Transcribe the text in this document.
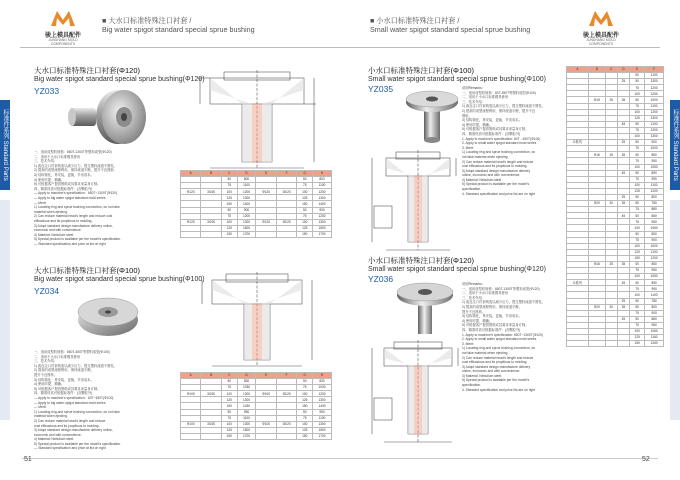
骏上模具配件
JUNSHANG MOLD COMPONENTS
■ 大水口标准特殊注口衬套 /
Big water spigot standard special sprue bushing
标准件系列 Standard Parts
大水口标准特殊注口衬套(Φ120)
Big water spigot standard special sprue bushing(Φ120)
YZ033
一、适用成型机规格：650T-1300T等塑料成型(Φ120)
二、适用于大水口标准模具使用
三、技术介绍：
1) 改良注口衬套构造以减少压力，提交塑料流道不圆性。
2) 提高的成型流程利用，保持流道平衡，提升不良图析。
3) 结构简化，易安装，更换，节省成本。
4) 使用时提，精确。
5) 可根据客户提供图纸或其要求来量身订制。
四、精准材质可根据标准件：(各颗粒外)
— Apply to machine's specification：650T~1300T(Φ120)
— Apply to big water spigot standard mold series
— Merit:
1) Locating ring and sprue bushing connection, do not take
material when ejecting.
2) Can reduce material head's length and reduce cost
efficacious and its propitious to molding.
3) Adopt standard design manufacture delivery online,
economic and with convenience.
4) Material: Nebulium steel.
5) Special product is available per the model's specification.
— Standard specification and price at list on right
A	B	C	D	E	F	G	H
		50	800			50	800
		75	1100			75	1100
Φ120	30/20	100	1200	Φ120	30/20	100	1200
		125	1300			125	1300
		150	1400			150	1400
		50	900			50	900
		75	1200			75	1200
Φ120	30/20	100	1300	Φ120	30/20	100	1300
		125	1500			125	1500
		150	1700			150	1700
大水口标准特殊注口衬套(Φ100)
Big water spigot standard special sprue bushing(Φ100)
YZ034
一、适用成型机规格：650T-450T等塑料成型(Φ100)
二、适用于大水口标准模具使用
三、技术介绍：
1) 改良注口衬套构造以减少压力，提交塑料流道不圆性。
2) 提高的成型流程利用，保持流道平衡，
提升不良图析。
3) 结构简化，易安装，更换，节省成本。
4) 使用时提，精确。
5) 可根据客户提供图纸或其要求来量身订制。
四、精准材质可根据标准件：(各颗粒外)
— Apply to machine's specification：60T~450T(Φ100)
— Apply to big water spigot standard mold series
— Merit:
1) Locating ring and sprue bushing connection, do not take
material when ejecting.
2) Can reduce material head's length and reduce
cost efficacious and its propitious to molding.
3) Adopt standard design manufacture delivery online,
economic and with convenience.
4) Material: Nebulium steel.
5) Special product is available per the model's specification.
— Standard specification and price at list on right
A	B	C	D	E	F	G	H
		50	830			50	830
		75	1030			75	1030
Φ100	30/20	100	1200	Φ100	30/20	100	1200
		125	1300			125	1300
		150	1430			150	1430
		50	950			50	950
		75	1100			75	1100
Φ100	30/20	100	1300	Φ100	30/20	100	1300
		125	1500			125	1500
		150	1700			150	1700
51
■ 小水口标准特殊注口衬套 /
Small water spigot standard special sprue bushing
骏上模具配件
JUNSHANG MOLD COMPONENTS
标准件系列 Standard Parts Series
小水口标准特殊注口衬套(Φ100)
Small water spigot standard special sprue bushing(Φ100)
YZ035	说明Remarks:
一、适用成型机规格：60T-450T等塑料成型(Φ100)
二、适用于小水口标准模具使用
三、技术介绍：
1) 改良注口衬套构造以减少压力，提交塑料流道不圆性。
2) 提高的成型流程利用，保持流道平衡，提升不良
图析。
3) 结构简化，易安装，更换，节省成本。
4) 使用时提，精确。
5) 可根据客户提供图纸或其要求来量身订制。
四、精准材质可根据标准件：(各颗粒外)
1. Apply to machine's specification: 60T - 450T(Φ100)
2. Apply to small water spigot standard mold series
3. Merit:
1) Locating ring and sprue bushing connection, do
not take material when ejecting.
2) Can reduce material head's length and reduce
cost efficacious and its propitious to molding.
3) Adopt standard design manufacture delivery
online, economic and with convenience.
4) Material: Nebulium steel.
5) Special product is available per the model's
specification.
4. Standard specification and price list are on right
小水口标准特殊注口衬套(Φ120)
Small water spigot standard special sprue bushing(Φ120)
YZ036	说明Remarks:
一、适用成型机规格：650T-1300T等塑料成型(Φ120)
二、适用于小水口标准模具使用
三、技术介绍：
1) 改良注口衬套构造以减少压力，提交塑料流道不圆性。
2) 提高的成型流程利用，保持流道平衡，
提升不良图析。
3) 结构简化，易安装，更换，节省成本。
4) 使用时提，精确。
5) 可根据客户提供图纸或其要求来量身订制。
四、精准材质可根据标准件：(各颗粒外)
1. Apply to machine's specification: 650T~1300T(Φ120)
2. Apply to small water spigot standard mold series
3. Merit:
1) Locating ring and sprue bushing connection, do
not take material when ejecting.
2) Can reduce material head's length and reduce
cost efficacious and its propitious to molding.
3) Adopt standard design manufacture delivery
online, economic and with convenience.
4) Material: Nebulium steel.
5) Special product is available per the model's
specification.
4. Standard specification and price list are on right
A	B	C	D	E	F
				50	1100
			25	50	1300
				75	1200
				100	1250
	Φ15	25	35	50	1000
				75	1100
				100	1200
				125	1300
			45	50	1100
				75	1200
				100	1300
G系列			25	50	900
				75	1000
	Φ16	25	35	50	850
				75	950
				100	1050
			45	50	890
				75	990
				100	1100
				125	1200
			25	50	800
	Φ20	30	35	50	780
				75	880
			45	50	860
				75	960
				100	1060
				50	800
				75	900
				100	1000
				125	1100
				150	1200
	Φ16	25	35	50	850
				75	950
				100	1050
G系列			45	50	890
				75	990
				100	1100
			25	50	780
	Φ20	30	35	50	800
				75	900
			45	50	860
				75	960
				100	1060
				125	1160
				150	1260
52
